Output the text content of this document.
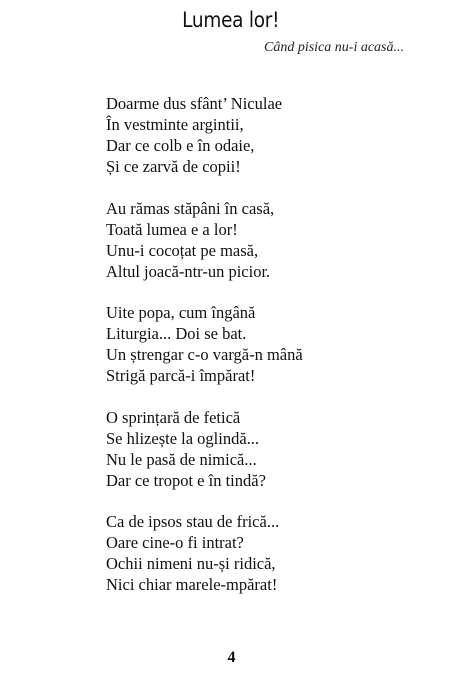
Lumea lor!
Când pisica nu-i acasă...
Doarme dus sfânt’ Niculae
În vestminte argintii,
Dar ce colb e în odaie,
Și ce zarvă de copii!
Au rămas stăpâni în casă,
Toată lumea e a lor!
Unu-i cocoțat pe masă,
Altul joacă-ntr-un picior.
Uite popa, cum îngână
Liturgia... Doi se bat.
Un ștrengar c-o vargă-n mână
Strigă parcă-i împărat!
O sprințară de fetică
Se hlizește la oglindă...
Nu le pasă de nimică...
Dar ce tropot e în tindă?
Ca de ipsos stau de frică...
Oare cine-o fi intrat?
Ochii nimeni nu-și ridică,
Nici chiar marele-mpărat!
4
